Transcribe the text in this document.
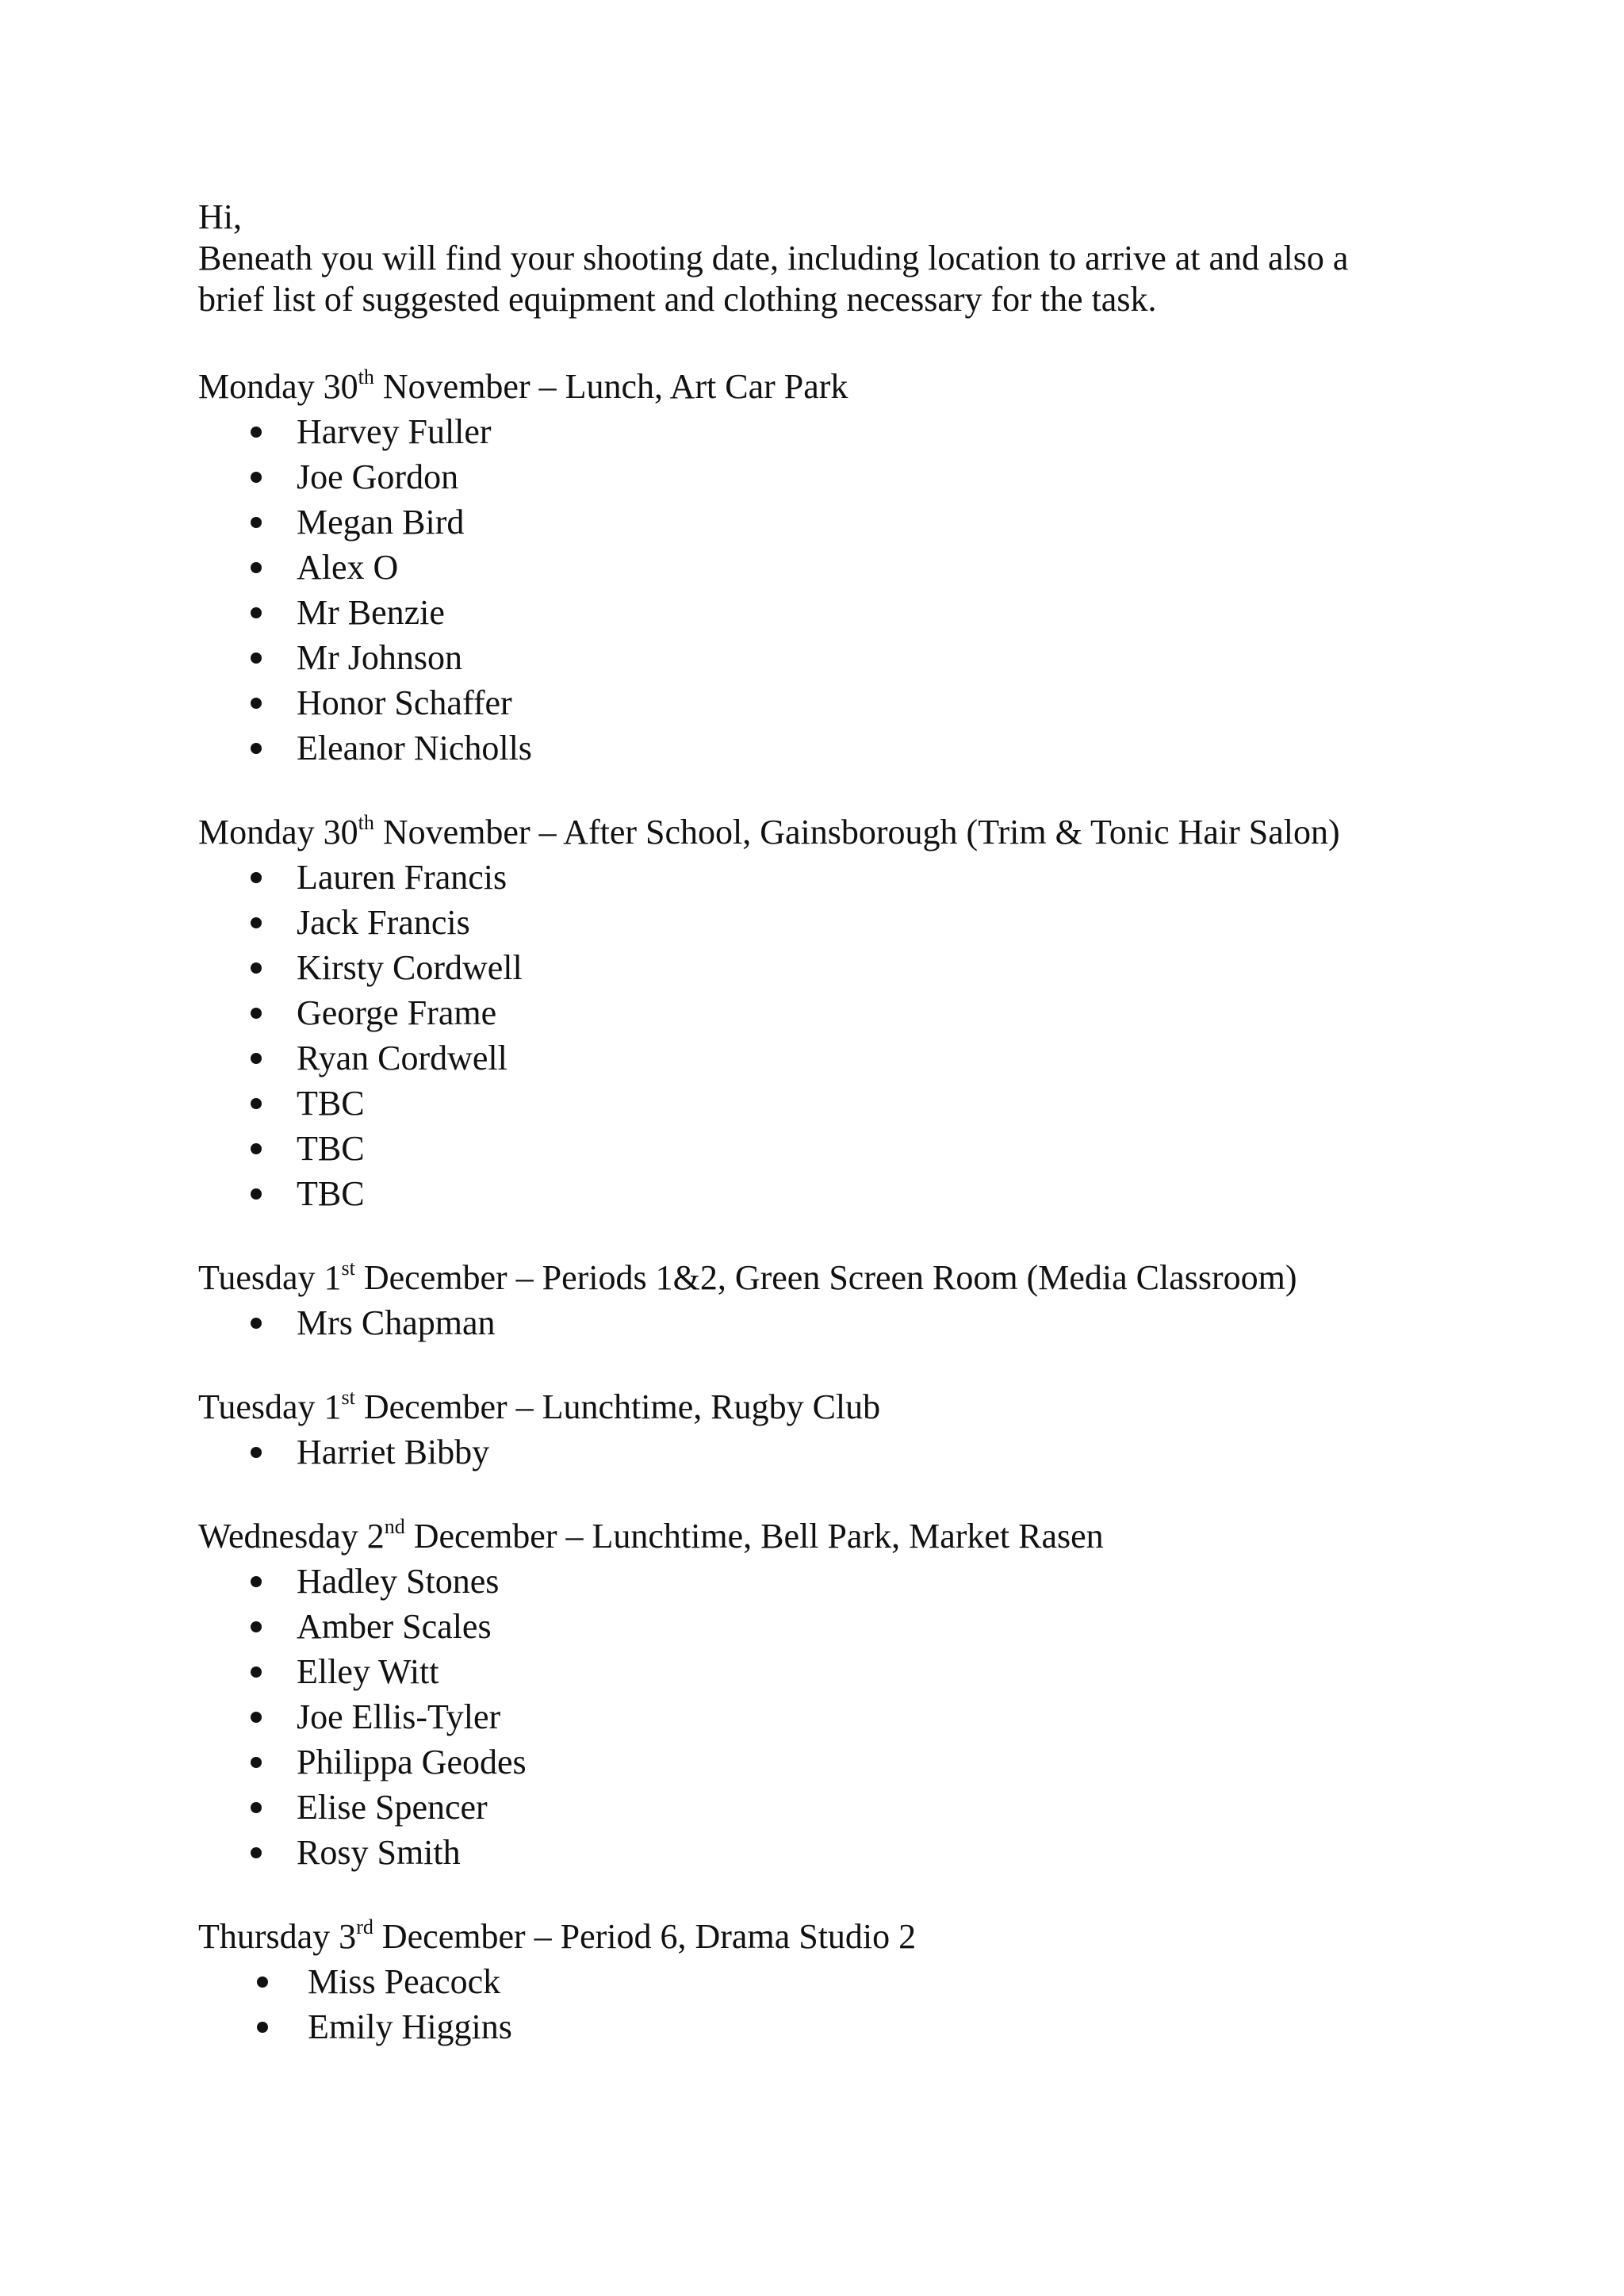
Hi,
Beneath you will find your shooting date, including location to arrive at and also a
brief list of suggested equipment and clothing necessary for the task.
Monday 30th November – Lunch, Art Car Park
Harvey Fuller
Joe Gordon
Megan Bird
Alex O
Mr Benzie
Mr Johnson
Honor Schaffer
Eleanor Nicholls
Monday 30th November – After School, Gainsborough (Trim & Tonic Hair Salon)
Lauren Francis
Jack Francis
Kirsty Cordwell
George Frame
Ryan Cordwell
TBC
TBC
TBC
Tuesday 1st December – Periods 1&2, Green Screen Room (Media Classroom)
Mrs Chapman
Tuesday 1st December – Lunchtime, Rugby Club
Harriet Bibby
Wednesday 2nd December – Lunchtime, Bell Park, Market Rasen
Hadley Stones
Amber Scales
Elley Witt
Joe Ellis-Tyler
Philippa Geodes
Elise Spencer
Rosy Smith
Thursday 3rd December – Period 6, Drama Studio 2
Miss Peacock
Emily Higgins
